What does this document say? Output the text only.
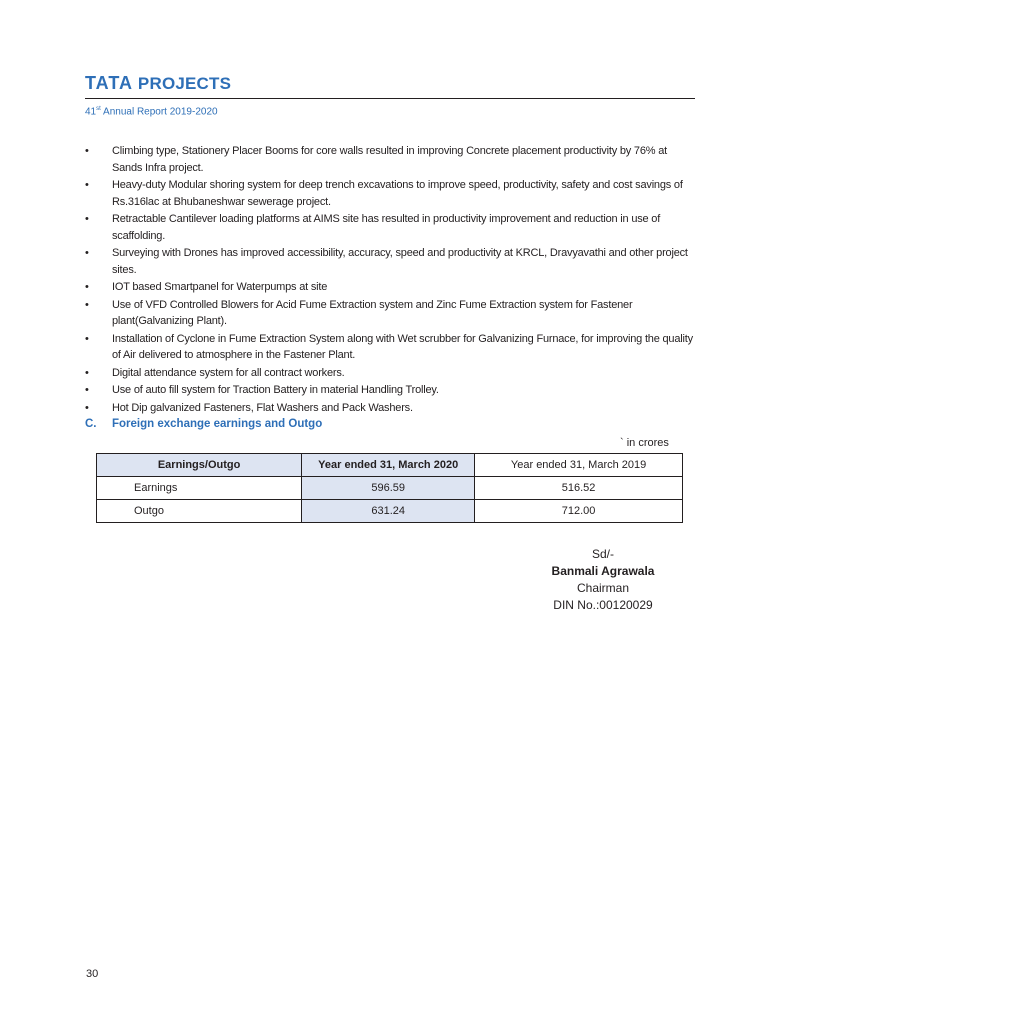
TATA PROJECTS
41st Annual Report 2019-2020
• Climbing type, Stationery Placer Booms for core walls resulted in improving Concrete placement productivity by 76% at Sands Infra project.
• Heavy-duty Modular shoring system for deep trench excavations to improve speed, productivity, safety and cost savings of Rs.316lac at Bhubaneshwar sewerage project.
• Retractable Cantilever loading platforms at AIMS site has resulted in productivity improvement and reduction in use of scaffolding.
• Surveying with Drones has improved accessibility, accuracy, speed and productivity at KRCL, Dravyavathi and other project sites.
• IOT based Smartpanel for Waterpumps at site
• Use of VFD Controlled Blowers for Acid Fume Extraction system and Zinc Fume Extraction system for Fastener plant(Galvanizing Plant).
• Installation of Cyclone in Fume Extraction System along with Wet scrubber for Galvanizing Furnace, for improving the quality of Air delivered to atmosphere in the Fastener Plant.
• Digital attendance system for all contract workers.
• Use of auto fill system for Traction Battery in material Handling Trolley.
• Hot Dip galvanized Fasteners, Flat Washers and Pack Washers.
C. Foreign exchange earnings and Outgo
` in crores
Earnings/Outgo	Year ended 31, March 2020	Year ended 31, March 2019
Earnings	596.59	516.52
Outgo	631.24	712.00
Sd/-
Banmali Agrawala
Chairman
DIN No.:00120029
30
